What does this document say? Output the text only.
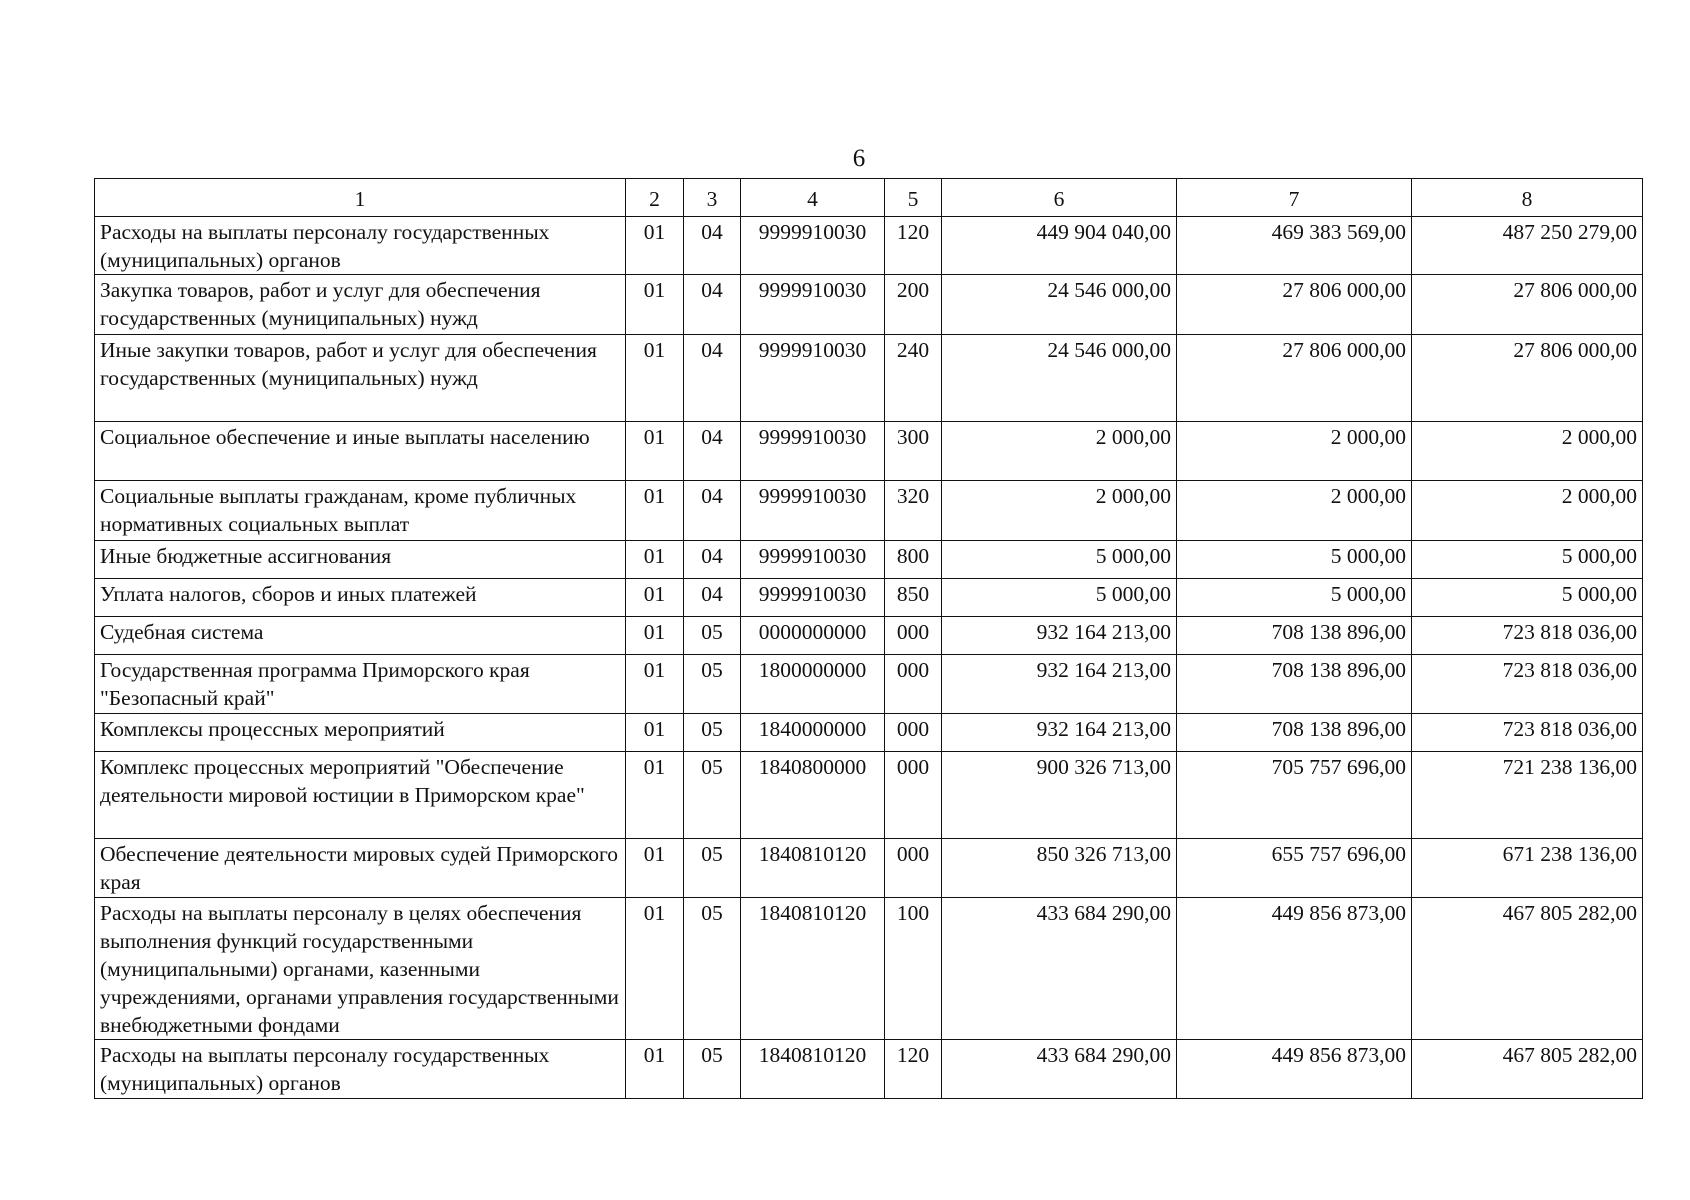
6
1	2	3	4	5	6	7	8
Расходы на выплаты персоналу государственных (муниципальных) органов	01	04	9999910030	120	449 904 040,00	469 383 569,00	487 250 279,00
Закупка товаров, работ и услуг для обеспечения государственных (муниципальных) нужд	01	04	9999910030	200	24 546 000,00	27 806 000,00	27 806 000,00
Иные закупки товаров, работ и услуг для обеспечения государственных (муниципальных) нужд	01	04	9999910030	240	24 546 000,00	27 806 000,00	27 806 000,00
Социальное обеспечение и иные выплаты населению	01	04	9999910030	300	2 000,00	2 000,00	2 000,00
Социальные выплаты гражданам, кроме публичных нормативных социальных выплат	01	04	9999910030	320	2 000,00	2 000,00	2 000,00
Иные бюджетные ассигнования	01	04	9999910030	800	5 000,00	5 000,00	5 000,00
Уплата налогов, сборов и иных платежей	01	04	9999910030	850	5 000,00	5 000,00	5 000,00
Судебная система	01	05	0000000000	000	932 164 213,00	708 138 896,00	723 818 036,00
Государственная программа Приморского края "Безопасный край"	01	05	1800000000	000	932 164 213,00	708 138 896,00	723 818 036,00
Комплексы процессных мероприятий	01	05	1840000000	000	932 164 213,00	708 138 896,00	723 818 036,00
Комплекс процессных мероприятий "Обеспечение деятельности мировой юстиции в Приморском крае"	01	05	1840800000	000	900 326 713,00	705 757 696,00	721 238 136,00
Обеспечение деятельности мировых судей Приморского края	01	05	1840810120	000	850 326 713,00	655 757 696,00	671 238 136,00
Расходы на выплаты персоналу в целях обеспечения выполнения функций государственными (муниципальными) органами, казенными учреждениями, органами управления государственными внебюджетными фондами	01	05	1840810120	100	433 684 290,00	449 856 873,00	467 805 282,00
Расходы на выплаты персоналу государственных (муниципальных) органов	01	05	1840810120	120	433 684 290,00	449 856 873,00	467 805 282,00
